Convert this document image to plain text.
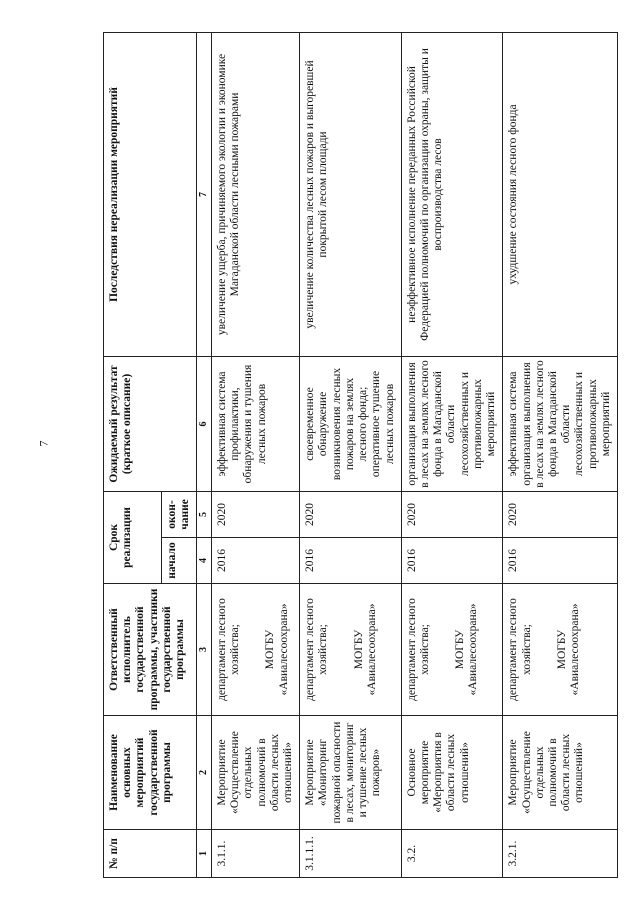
7
№ п/п	Наименование основных мероприятий государственной программы	Ответственный исполнитель государственной программы, участники государственной программы	Срок реализации		Ожидаемый результат (краткое описание)	Последствия нереализации мероприятий
			начало	окон-чание		
1	2	3	4	5	6	7
3.1.1.	Мероприятие «Осуществление отдельных полномочий в области лесных отношений»	департамент лесного хозяйства; МОГБУ «Авиалесоохрана»	2016	2020	эффективная система профилактики, обнаружения и тушения лесных пожаров	увеличение ущерба, причиняемого экологии и экономике Магаданской области лесными пожарами
3.1.1.1.	Мероприятие «Мониторинг пожарной опасности в лесах, мониторинг и тушение лесных пожаров»	департамент лесного хозяйства; МОГБУ «Авиалесоохрана»	2016	2020	своевременное обнаружение возникновения лесных пожаров на землях лесного фонда; оперативное тушение лесных пожаров	увеличение количества лесных пожаров и выгоревшей покрытой лесом площади
3.2.	Основное мероприятие «Мероприятия в области лесных отношений»	департамент лесного хозяйства; МОГБУ «Авиалесоохрана»	2016	2020	организация выполнения в лесах на землях лесного фонда в Магаданской области лесохозяйственных и противопожарных мероприятий	неэффективное исполнение переданных Российской Федерацией полномочий по организации охраны, защиты и воспроизводства лесов
3.2.1.	Мероприятие «Осуществление отдельных полномочий в области лесных отношений»	департамент лесного хозяйства; МОГБУ «Авиалесоохрана»	2016	2020	эффективная система организация выполнения в лесах на землях лесного фонда в Магаданской области лесохозяйственных и противопожарных мероприятий	ухудшение состояния лесного фонда
